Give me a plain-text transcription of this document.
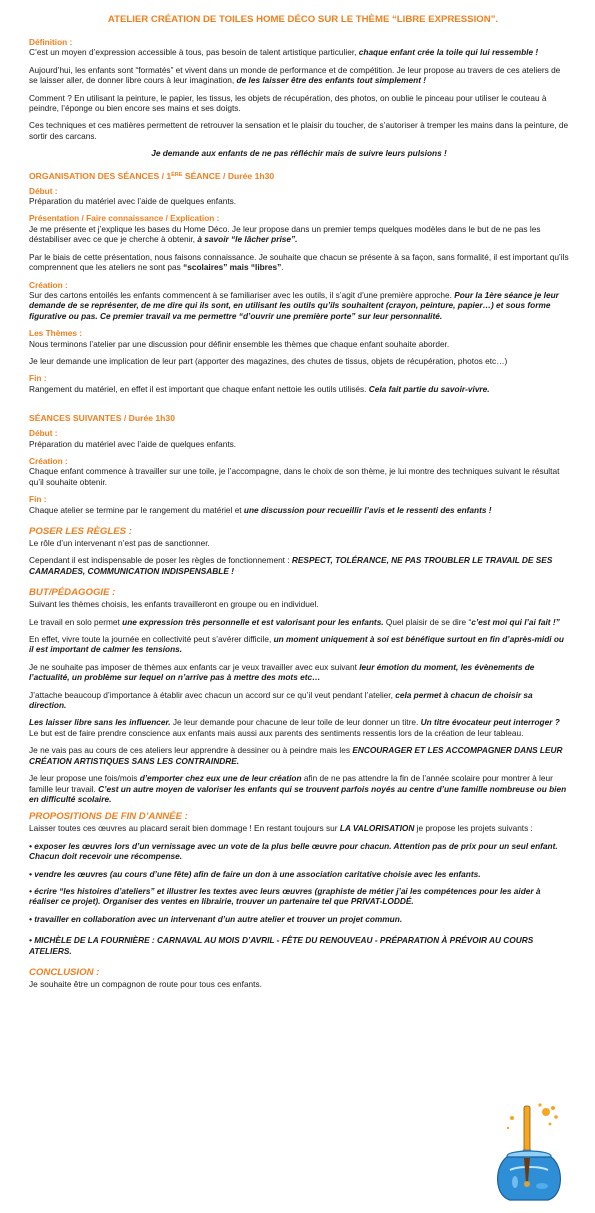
ATELIER CRÉATION DE TOILES HOME DÉCO SUR LE THÈME “LIBRE EXPRESSION”.
Définition :

C’est un moyen d’expression accessible à tous, pas besoin de talent artistique particulier, chaque enfant crée la toile qui lui ressemble !

Aujourd’hui, les enfants sont “formatés” et vivent dans un monde de performance et de compétition. Je leur propose au travers de ces ateliers de se laisser aller, de donner libre cours à leur imagination, de les laisser être des enfants tout simplement !

Comment ? En utilisant la peinture, le papier, les tissus, les objets de récupération, des photos, on oublie le pinceau pour utiliser le couteau à peindre, l’éponge ou bien encore ses mains et ses doigts.

Ces techniques et ces matières permettent de retrouver la sensation et le plaisir du toucher, de s’autoriser à tremper les mains dans la peinture, de sortir des carcans.

Je demande aux enfants de ne pas réfléchir mais de suivre leurs pulsions !

ORGANISATION DES SÉANCES / 1ÈRE SÉANCE / Durée 1h30
Début :

Préparation du matériel avec l’aide de quelques enfants.

Présentation / Faire connaissance / Explication :

Je me présente et j’explique les bases du Home Déco. Je leur propose dans un premier temps quelques modèles dans le but de ne pas les déstabiliser avec ce que je cherche à obtenir, à savoir “le lâcher prise”.

Par le biais de cette présentation, nous faisons connaissance. Je souhaite que chacun se présente à sa façon, sans formalité, il est important qu’ils comprennent que les ateliers ne sont pas “scolaires” mais “libres”.

Création :

Sur des cartons entoilés les enfants commencent à se familiariser avec les outils, il s’agit d’une première approche. Pour la 1ère séance je leur demande de se représenter, de me dire qui ils sont, en utilisant les outils qu’ils souhaitent (crayon, peinture, papier…) et sous forme figurative ou pas. Ce premier travail va me permettre “d’ouvrir une première porte” sur leur personnalité.

Les Thèmes :

Nous terminons l’atelier par une discussion pour définir ensemble les thèmes que chaque enfant souhaite aborder.

Je leur demande une implication de leur part (apporter des magazines, des chutes de tissus, objets de récupération, photos etc…)

Fin :

Rangement du matériel, en effet il est important que chaque enfant nettoie les outils utilisés. Cela fait partie du savoir-vivre.

SÉANCES SUIVANTES / Durée 1h30
Début :

Préparation du matériel avec l’aide de quelques enfants.

Création :

Chaque enfant commence à travailler sur une toile, je l’accompagne, dans le choix de son thème, je lui montre des techniques suivant le résultat qu’il souhaite obtenir.

Fin :

Chaque atelier se termine par le rangement du matériel et une discussion pour recueillir l’avis et le ressenti des enfants !

POSER LES RÈGLES :

Le rôle d’un intervenant n’est pas de sanctionner.

Cependant il est indispensable de poser les règles de fonctionnement : RESPECT, TOLÉRANCE, NE PAS TROUBLER LE TRAVAIL DE SES CAMARADES, COMMUNICATION INDISPENSABLE !

BUT/PÉDAGOGIE :

Suivant les thèmes choisis, les enfants travailleront en groupe ou en individuel.

Le travail en solo permet une expression très personnelle et est valorisant pour les enfants. Quel plaisir de se dire “c’est moi qui l’ai fait !”

En effet, vivre toute la journée en collectivité peut s’avérer difficile, un moment uniquement à soi est bénéfique surtout en fin d’après-midi ou il est important de calmer les tensions.

Je ne souhaite pas imposer de thèmes aux enfants car je veux travailler avec eux suivant leur émotion du moment, les évènements de l’actualité, un problème sur lequel on n’arrive pas à mettre des mots etc…

J’attache beaucoup d’importance à établir avec chacun un accord sur ce qu’il veut pendant l’atelier, cela permet à chacun de choisir sa direction.

Les laisser libre sans les influencer. Je leur demande pour chacune de leur toile de leur donner un titre. Un titre évocateur peut interroger ? Le but est de faire prendre conscience aux enfants mais aussi aux parents des sentiments ressentis lors de la création de leur tableau.

Je ne vais pas au cours de ces ateliers leur apprendre à dessiner ou à peindre mais les ENCOURAGER ET LES ACCOMPAGNER DANS LEUR CRÉATION ARTISTIQUES SANS LES CONTRAINDRE.

Je leur propose une fois/mois d’emporter chez eux une de leur création afin de ne pas attendre la fin de l’année scolaire pour montrer à leur famille leur travail. C’est un autre moyen de valoriser les enfants qui se trouvent parfois noyés au centre d’une famille nombreuse ou bien en difficulté scolaire.

PROPOSITIONS DE FIN D’ANNÉE :

Laisser toutes ces œuvres au placard serait bien dommage ! En restant toujours sur LA VALORISATION je propose les projets suivants :

• exposer les œuvres lors d’un vernissage avec un vote de la plus belle œuvre pour chacun. Attention pas de prix pour un seul enfant. Chacun doit recevoir une récompense.

• vendre les œuvres (au cours d’une fête) afin de faire un don à une association caritative choisie avec les enfants.

• écrire “les histoires d’ateliers” et illustrer les textes avec leurs œuvres (graphiste de métier j’ai les compétences pour les aider à réaliser ce projet). Organiser des ventes en librairie, trouver un partenaire tel que PRIVAT-LODDÉ.

• travailler en collaboration avec un intervenant d’un autre atelier et trouver un projet commun.

• MICHÈLE DE LA FOURNIÈRE : CARNAVAL AU MOIS D’AVRIL - FÊTE DU RENOUVEAU - PRÉPARATION À PRÉVOIR AU COURS ATELIERS.

CONCLUSION :

Je souhaite être un compagnon de route pour tous ces enfants.
